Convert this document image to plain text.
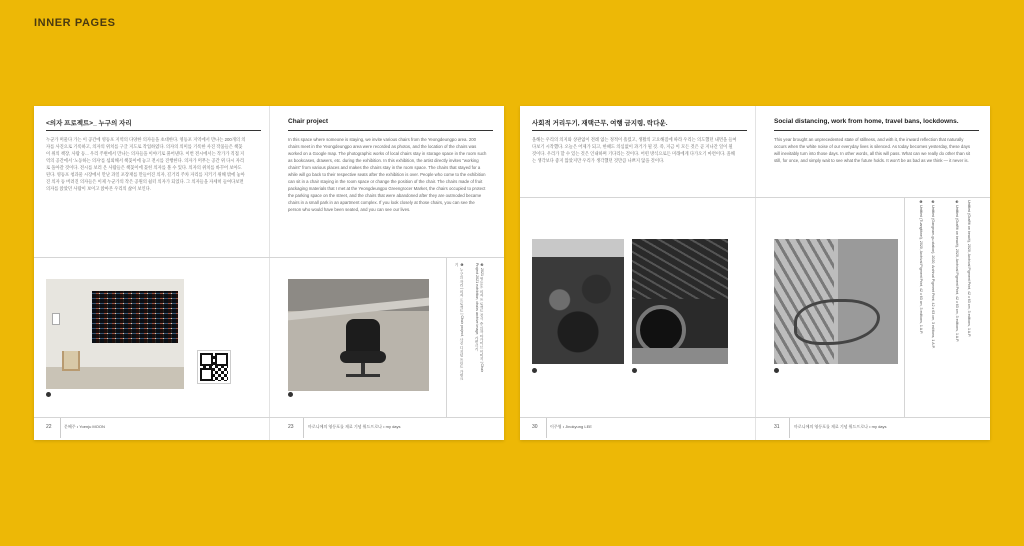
INNER PAGES
<의자 프로젝트>_ 누구의 자리
누군가 머물다 가는 이 공간에 영등포 지역의 다양한 의자들을 초대한다. 영등포 지역에서 만나는 200개의 의자를 사진으로 기록하고, 의자의 위치를 구글 지도로 작업하였다. 의자의 의미를 기록한 사진 작품들은 책꽂이 위의 책장, 사람 등... 우리 주변에서 만나는 의자들을 이야기로 풀어낸다. 이번 전시에서는 작가가 직접 지역의 공간에서 '노동하는 의자'를 섭외해서 책꽂이에 놓고 전시를 진행한다. 의자가 머무는 공간 위 다시 자리로 돌아갈 것이다. 전시를 보러 온 사람들은 책꽂이에 꽂힌 의자를 볼 수 있다. 의자의 위치를 바꾸어 보아도 된다. 영등포 청과물 시장에서 만난 과일 포장재를 만들어진 의자, 길거리 주차 자리를 지키기 위해 밖에 놓아진 의자 등 버려진 의자들은 이제 누군가의 작은 공원의 쉼터 의자가 되었다. 그 의자들을 자세히 들여다보면 의자를 앉았던 사람이 보이고 앉아본 우리의 삶이 보인다.
Chair project
In this space where someone is staying, we invite various chairs from the Yeongdeungpo area. 200 chairs meet in the Yeongdeungpo area were recorded as photos, and the location of the chairs was worked on a Google map. The photographic works of local chairs stay in storage space in the room such as bookcases, drawers, etc. during the exhibition. In this exhibition, the artist directly invites "working chairs" from various places and makes the chairs stay in the room space. The chairs that stayed for a while will go back to their respective seats after the exhibition is over. People who come to the exhibition can sit in a chair staying in the room space or change the position of the chair. The chairs made of fruit packaging materials that I met at the Yeongdeungpo Greengrocer Market, the chairs occupied to protect the parking space on the street, and the chairs that were abandoned after they are outmoded became chairs in a small park in an apartment complex. If you look closely at those chairs, you can see the person who would have been seated, and you can see our lives.
❶ 누구의 자리 | 의자 프로젝트 | Chair project, 사진 디지털 프린트 가변크기	❷ 2021 영등포, 의자 프로젝트 전시 중 의자 아카이브 이미지 | Chair Project 2021 exhibition, chairs archive image, 가변크기
22	문혜주 • Yoenju MOON	23	마로니에의 영등포를 재료 기념 워드프로나 • my days
사회적 거리두기, 재택근무, 여행 금지령, 락다운.
올해는 우리의 의지와 상관없이 전례 없는 정적이 흘렀고, 생활의 고요해짐에 따라 우리는 의도했던 내면을 들여다보기 시작했다. 오늘은 어제가 되고, 한때도 의심없이 과거가 될 것. 즉, 지금 이 모든 것은 곧 지나간 일이 될 것이다. 우리가 할 수 있는 것은 인내하며 기다리는 것이다. 어떤 방식으로든 미래에게 다가오기 마련이다. 올해는 생각보다 좋지 않았지만 우리가 생각했던 것만큼 나쁘지 않을 것이다.
Social distancing, work from home, travel bans, lockdowns.
This year brought an unprecedented state of stillness, and with it, the inward reflection that naturally occurs when the white noise of our everyday lives is silenced. As today becomes yesterday, these days will inevitably turn into those days. In other words, all this will pass. What can we really do other than sit still, for once, and simply wait to see what the future holds. It won't be as bad as we think — it never is.
❶ Untitled (Tuangtitwei), 2020, Archival Pigment Print, 42 x 63 cm, 3 editions, 1 A.P. ❷ Untitled (Gangnam-gu-station), 2020, Archival Pigment Print, 42 x 63 cm, 3 editions, 1 A.P.	❸ Untitled (Graffiti on beach), 2020, Archival Pigment Print, 42 x 63 cm, 3 editions, 1 A.P. Untitled (Graffiti on beach), 2020, Archival Pigment Print, 42 x 63 cm, 3 editions, 1 A.P.
30	이주영 • Jinokyung LEE	31	마로니에의 영등포를 재료 기념 워드프로나 • my days
